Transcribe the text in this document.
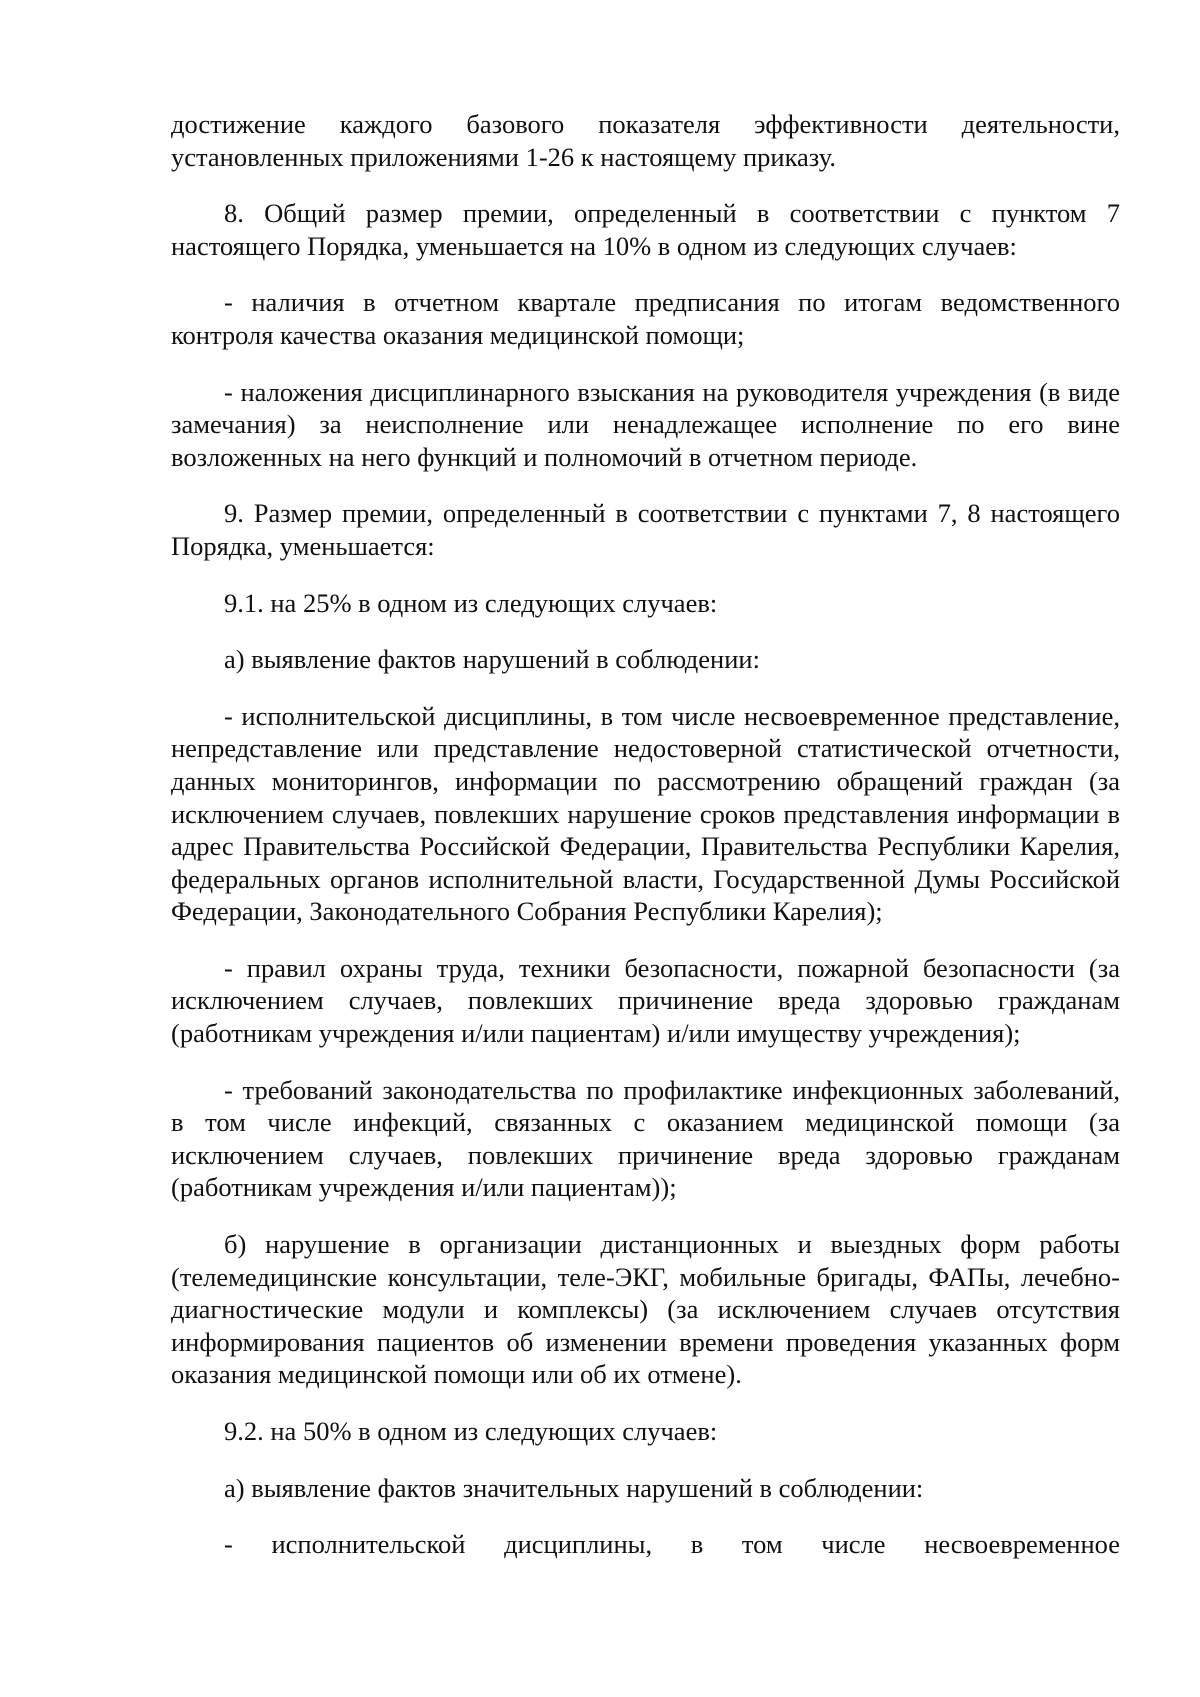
достижение каждого базового показателя эффективности деятельности, установленных приложениями 1-26 к настоящему приказу.

8. Общий размер премии, определенный в соответствии с пунктом 7 настоящего Порядка, уменьшается на 10% в одном из следующих случаев:

- наличия в отчетном квартале предписания по итогам ведомственного контроля качества оказания медицинской помощи;

- наложения дисциплинарного взыскания на руководителя учреждения (в виде замечания) за неисполнение или ненадлежащее исполнение по его вине возложенных на него функций и полномочий в отчетном периоде.

9. Размер премии, определенный в соответствии с пунктами 7, 8 настоящего Порядка, уменьшается:

9.1. на 25% в одном из следующих случаев:

а) выявление фактов нарушений в соблюдении:

- исполнительской дисциплины, в том числе несвоевременное представление, непредставление или представление недостоверной статистической отчетности, данных мониторингов, информации по рассмотрению обращений граждан (за исключением случаев, повлекших нарушение сроков представления информации в адрес Правительства Российской Федерации, Правительства Республики Карелия, федеральных органов исполнительной власти, Государственной Думы Российской Федерации, Законодательного Собрания Республики Карелия);

- правил охраны труда, техники безопасности, пожарной безопасности (за исключением случаев, повлекших причинение вреда здоровью гражданам (работникам учреждения и/или пациентам) и/или имуществу учреждения);

- требований законодательства по профилактике инфекционных заболеваний, в том числе инфекций, связанных с оказанием медицинской помощи (за исключением случаев, повлекших причинение вреда здоровью гражданам (работникам учреждения и/или пациентам));

б) нарушение в организации дистанционных и выездных форм работы (телемедицинские консультации, теле-ЭКГ, мобильные бригады, ФАПы, лечебно-диагностические модули и комплексы) (за исключением случаев отсутствия информирования пациентов об изменении времени проведения указанных форм оказания медицинской помощи или об их отмене).

9.2. на 50% в одном из следующих случаев:

а) выявление фактов значительных нарушений в соблюдении:

- исполнительской дисциплины, в том числе несвоевременное
